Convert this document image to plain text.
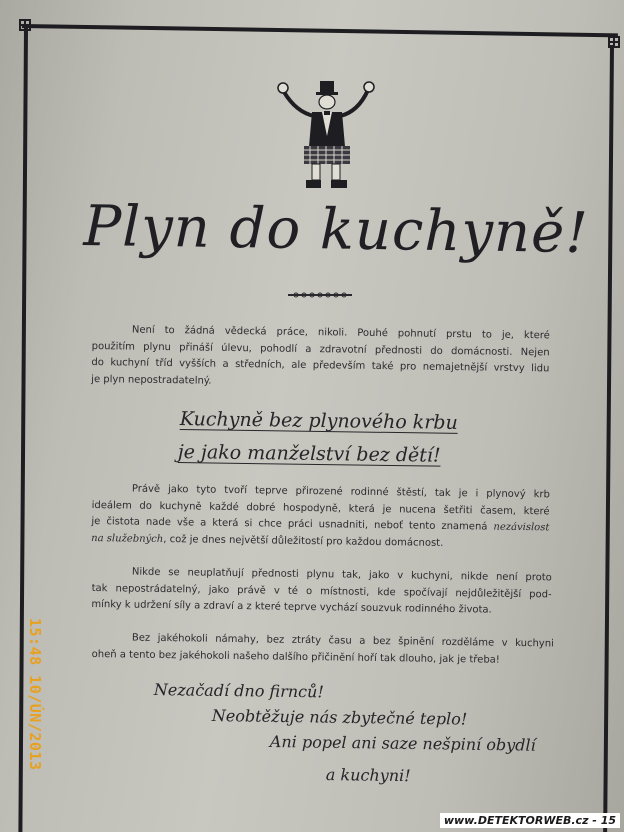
Plyn do kuchyně!
Není to žádná vědecká práce, nikoli. Pouhé pohnutí prstu to je, které
použitím plynu přináší úlevu, pohodlí a zdravotní přednosti do domácnosti. Nejen
do kuchyní tříd vyšších a středních, ale především také pro nemajetnější vrstvy lidu
je plyn nepostradatelný.
Kuchyně bez plynového krbu
je jako manželství bez dětí!
Právě jako tyto tvoří teprve přirozené rodinné štěstí, tak je i plynový krb
ideálem do kuchyně každé dobré hospodyně, která je nucena šetřiti časem, které
je čistota nade vše a která si chce práci usnadniti, neboť tento znamená nezávislost
na služebných, což je dnes největší důležitostí pro každou domácnost.
Nikde se neuplatňují přednosti plynu tak, jako v kuchyni, nikde není proto
tak nepostrádatelný, jako právě v té o místnosti, kde spočívají nejdůležitější pod-
mínky k udržení síly a zdraví a z které teprve vychází souzvuk rodinného života.
Bez jakéhokoli námahy, bez ztráty času a bez špinění rozděláme v kuchyni
oheň a tento bez jakéhokoli našeho dalšího přičinění hoří tak dlouho, jak je třeba!
Nezačadí dno firnců!
Neobtěžuje nás zbytečné teplo!
Ani popel ani saze nešpiní obydlí
a kuchyni!
15:48 10/ÚN/2013
www.DETEKTORWEB.cz - 15
